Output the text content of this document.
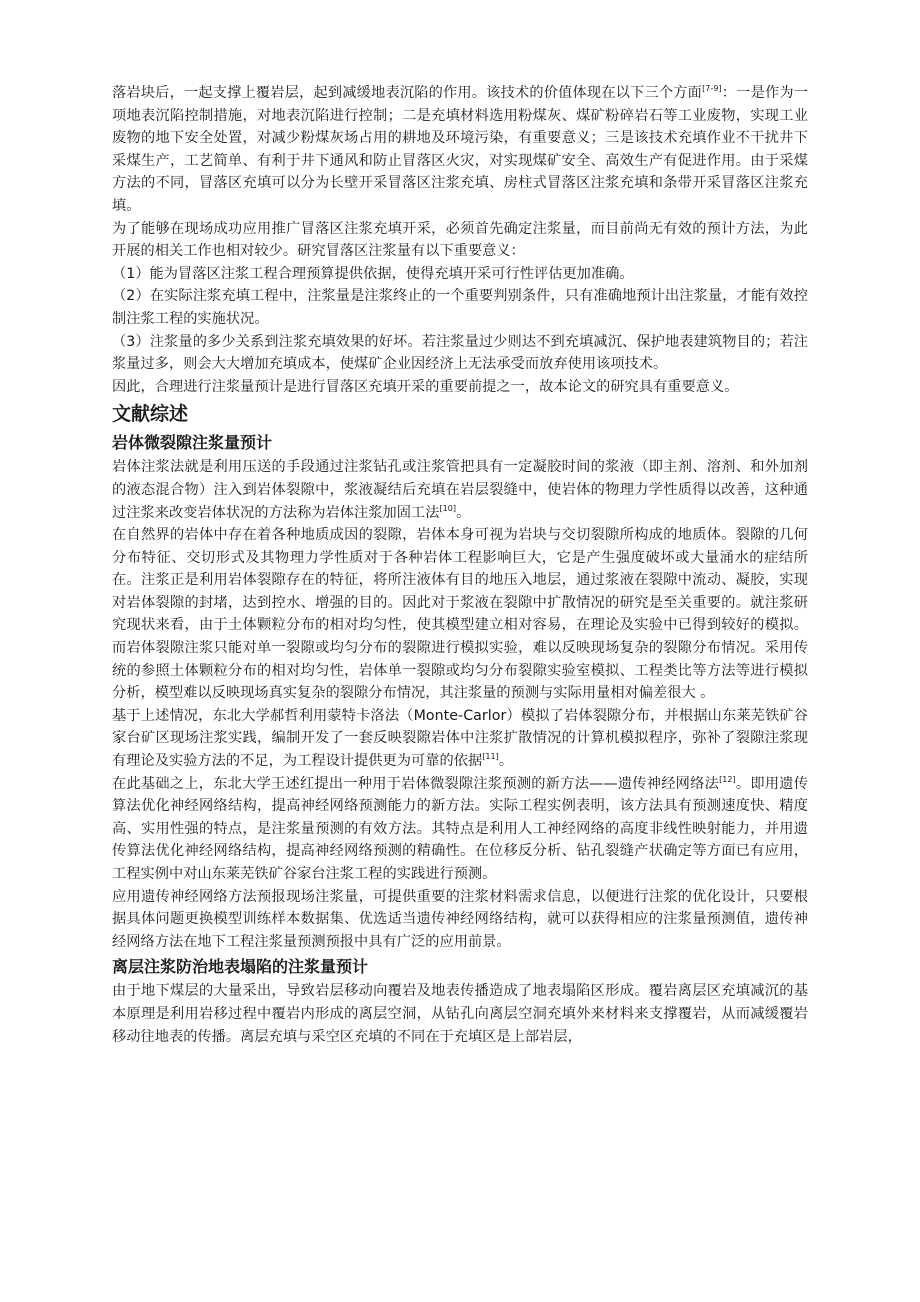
落岩块后，一起支撑上覆岩层，起到减缓地表沉陷的作用。该技术的价值体现在以下三个方面[7-9]：一是作为一项地表沉陷控制措施，对地表沉陷进行控制；二是充填材料选用粉煤灰、煤矿粉碎岩石等工业废物，实现工业废物的地下安全处置，对减少粉煤灰场占用的耕地及环境污染，有重要意义；三是该技术充填作业不干扰井下采煤生产，工艺简单、有利于井下通风和防止冒落区火灾，对实现煤矿安全、高效生产有促进作用。由于采煤方法的不同，冒落区充填可以分为长壁开采冒落区注浆充填、房柱式冒落区注浆充填和条带开采冒落区注浆充填。

为了能够在现场成功应用推广冒落区注浆充填开采，必须首先确定注浆量，而目前尚无有效的预计方法，为此开展的相关工作也相对较少。研究冒落区注浆量有以下重要意义：

（1）能为冒落区注浆工程合理预算提供依据，使得充填开采可行性评估更加准确。

（2）在实际注浆充填工程中，注浆量是注浆终止的一个重要判别条件，只有准确地预计出注浆量，才能有效控制注浆工程的实施状况。

（3）注浆量的多少关系到注浆充填效果的好坏。若注浆量过少则达不到充填减沉、保护地表建筑物目的；若注浆量过多，则会大大增加充填成本，使煤矿企业因经济上无法承受而放弃使用该项技术。

因此，合理进行注浆量预计是进行冒落区充填开采的重要前提之一，故本论文的研究具有重要意义。

文献综述
岩体微裂隙注浆量预计

岩体注浆法就是利用压送的手段通过注浆钻孔或注浆管把具有一定凝胶时间的浆液（即主剂、溶剂、和外加剂的液态混合物）注入到岩体裂隙中，浆液凝结后充填在岩层裂缝中，使岩体的物理力学性质得以改善，这种通过注浆来改变岩体状况的方法称为岩体注浆加固工法[10]。

在自然界的岩体中存在着各种地质成因的裂隙，岩体本身可视为岩块与交切裂隙所构成的地质体。裂隙的几何分布特征、交切形式及其物理力学性质对于各种岩体工程影响巨大，它是产生强度破坏或大量涌水的症结所在。注浆正是利用岩体裂隙存在的特征，将所注液体有目的地压入地层，通过浆液在裂隙中流动、凝胶，实现对岩体裂隙的封堵，达到控水、增强的目的。因此对于浆液在裂隙中扩散情况的研究是至关重要的。就注浆研究现状来看，由于土体颗粒分布的相对均匀性，使其模型建立相对容易，在理论及实验中已得到较好的模拟。而岩体裂隙注浆只能对单一裂隙或均匀分布的裂隙进行模拟实验，难以反映现场复杂的裂隙分布情况。采用传统的参照土体颗粒分布的相对均匀性，岩体单一裂隙或均匀分布裂隙实验室模拟、工程类比等方法等进行模拟分析，模型难以反映现场真实复杂的裂隙分布情况，其注浆量的预测与实际用量相对偏差很大 。

基于上述情况，东北大学郝哲利用蒙特卡洛法（Monte-Carlor）模拟了岩体裂隙分布，并根据山东莱芜铁矿谷家台矿区现场注浆实践，编制开发了一套反映裂隙岩体中注浆扩散情况的计算机模拟程序，弥补了裂隙注浆现有理论及实验方法的不足，为工程设计提供更为可靠的依据[11]。

在此基础之上，东北大学王述红提出一种用于岩体微裂隙注浆预测的新方法——遗传神经网络法[12]。即用遗传算法优化神经网络结构，提高神经网络预测能力的新方法。实际工程实例表明，该方法具有预测速度快、精度高、实用性强的特点，是注浆量预测的有效方法。其特点是利用人工神经网络的高度非线性映射能力，并用遗传算法优化神经网络结构，提高神经网络预测的精确性。在位移反分析、钻孔裂缝产状确定等方面已有应用，工程实例中对山东莱芜铁矿谷家台注浆工程的实践进行预测。

应用遗传神经网络方法预报现场注浆量，可提供重要的注浆材料需求信息，以便进行注浆的优化设计，只要根据具体问题更换模型训练样本数据集、优选适当遗传神经网络结构，就可以获得相应的注浆量预测值，遗传神经网络方法在地下工程注浆量预测预报中具有广泛的应用前景。

离层注浆防治地表塌陷的注浆量预计

由于地下煤层的大量采出，导致岩层移动向覆岩及地表传播造成了地表塌陷区形成。覆岩离层区充填减沉的基本原理是利用岩移过程中覆岩内形成的离层空洞，从钻孔向离层空洞充填外来材料来支撑覆岩，从而减缓覆岩移动往地表的传播。离层充填与采空区充填的不同在于充填区是上部岩层，
